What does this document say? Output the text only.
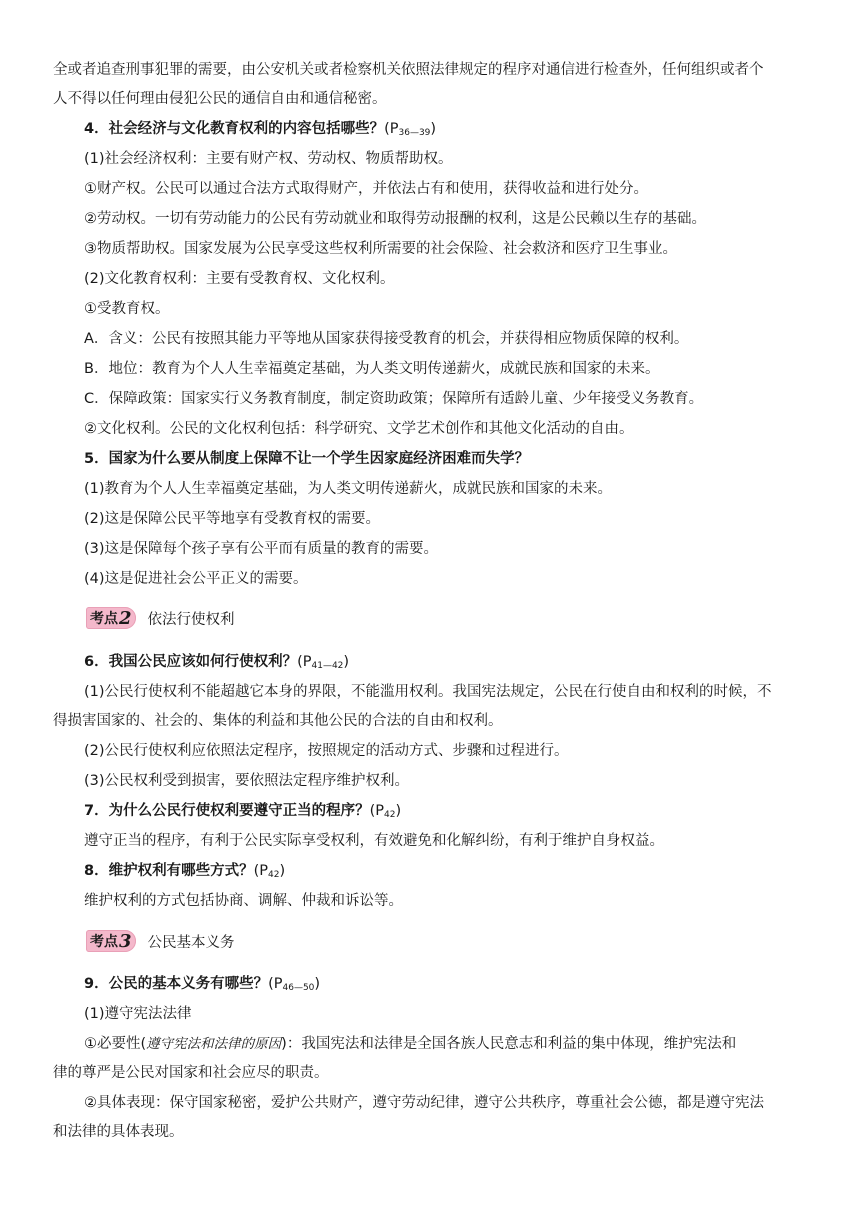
全或者追查刑事犯罪的需要，由公安机关或者检察机关依照法律规定的程序对通信进行检查外，任何组织或者个
人不得以任何理由侵犯公民的通信自由和通信秘密。
4．社会经济与文化教育权利的内容包括哪些？$(P_{36—39})$
(1)社会经济权利：主要有财产权、劳动权、物质帮助权。
①财产权。公民可以通过合法方式取得财产，并依法占有和使用，获得收益和进行处分。
②劳动权。一切有劳动能力的公民有劳动就业和取得劳动报酬的权利，这是公民赖以生存的基础。
③物质帮助权。国家发展为公民享受这些权利所需要的社会保险、社会救济和医疗卫生事业。
(2)文化教育权利：主要有受教育权、文化权利。
①受教育权。
A．含义：公民有按照其能力平等地从国家获得接受教育的机会，并获得相应物质保障的权利。
B．地位：教育为个人人生幸福奠定基础，为人类文明传递薪火，成就民族和国家的未来。
C．保障政策：国家实行义务教育制度，制定资助政策；保障所有适龄儿童、少年接受义务教育。
②文化权利。公民的文化权利包括：科学研究、文学艺术创作和其他文化活动的自由。
5．国家为什么要从制度上保障不让一个学生因家庭经济困难而失学？
(1)教育为个人人生幸福奠定基础，为人类文明传递薪火，成就民族和国家的未来。
(2)这是保障公民平等地享有受教育权的需要。
(3)这是保障每个孩子享有公平而有质量的教育的需要。
(4)这是促进社会公平正义的需要。
考点 2 依法行使权利
6．我国公民应该如何行使权利？$(P_{41—42})$
(1)公民行使权利不能超越它本身的界限，不能滥用权利。我国宪法规定，公民在行使自由和权利的时候，不
得损害国家的、社会的、集体的利益和其他公民的合法的自由和权利。
(2)公民行使权利应依照法定程序，按照规定的活动方式、步骤和过程进行。
(3)公民权利受到损害，要依照法定程序维护权利。
7．为什么公民行使权利要遵守正当的程序？$(P_{42})$
遵守正当的程序，有利于公民实际享受权利，有效避免和化解纠纷，有利于维护自身权益。
8．维护权利有哪些方式？$(P_{42})$
维护权利的方式包括协商、调解、仲裁和诉讼等。
考点 3 公民基本义务
9．公民的基本义务有哪些？$(P_{46—50})$
(1)遵守宪法法律
①必要性(遵守宪法和法律的原因)：我国宪法和法律是全国各族人民意志和利益的集中体现，维护宪法和
律的尊严是公民对国家和社会应尽的职责。
②具体表现：保守国家秘密，爱护公共财产，遵守劳动纪律，遵守公共秩序，尊重社会公德，都是遵守宪法
和法律的具体表现。
